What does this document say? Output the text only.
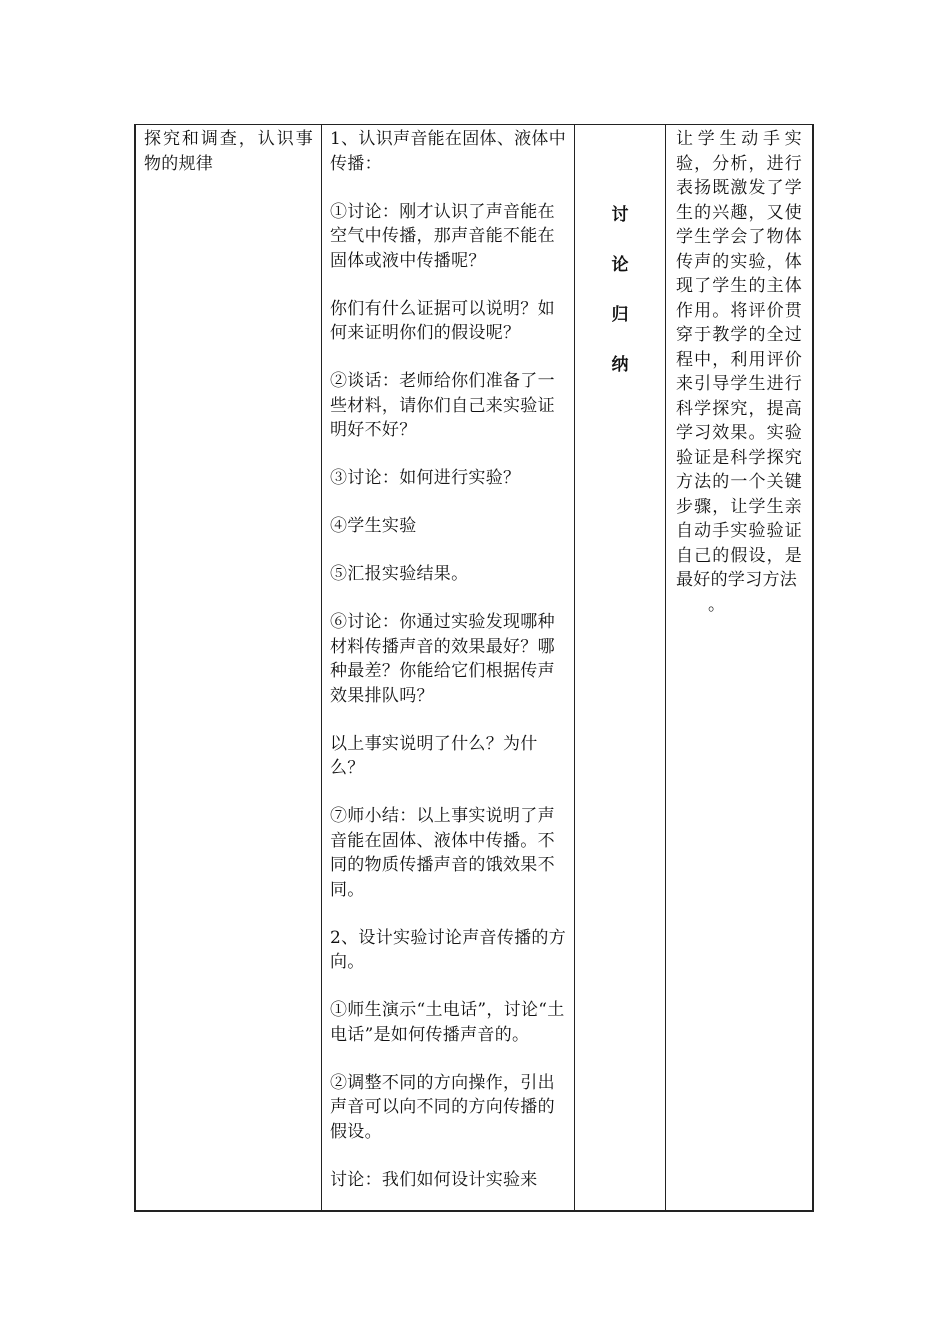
探究和调查，认识事物的规律
1、认识声音能在固体、液体中传播：
①讨论：刚才认识了声音能在空气中传播，那声音能不能在固体或液中传播呢？
你们有什么证据可以说明？如何来证明你们的假设呢？
②谈话：老师给你们准备了一些材料，请你们自己来实验证明好不好？
③讨论：如何进行实验？
④学生实验
⑤汇报实验结果。
⑥讨论：你通过实验发现哪种材料传播声音的效果最好？哪种最差？你能给它们根据传声效果排队吗？
以上事实说明了什么？为什么？
⑦师小结：以上事实说明了声音能在固体、液体中传播。不同的物质传播声音的饿效果不同。
2、设计实验讨论声音传播的方向。
①师生演示“土电话”，讨论“土电话”是如何传播声音的。
②调整不同的方向操作，引出声音可以向不同的方向传播的假设。
讨论：我们如何设计实验来
讨
论
归
纳
让学生动手实验，分析，进行表扬既激发了学生的兴趣，又使学生学会了物体传声的实验，体现了学生的主体作用。将评价贯穿于教学的全过程中，利用评价来引导学生进行科学探究，提高学习效果。实验验证是科学探究方法的一个关键步骤，让学生亲自动手实验验证自己的假设，是最好的学习方法
。
